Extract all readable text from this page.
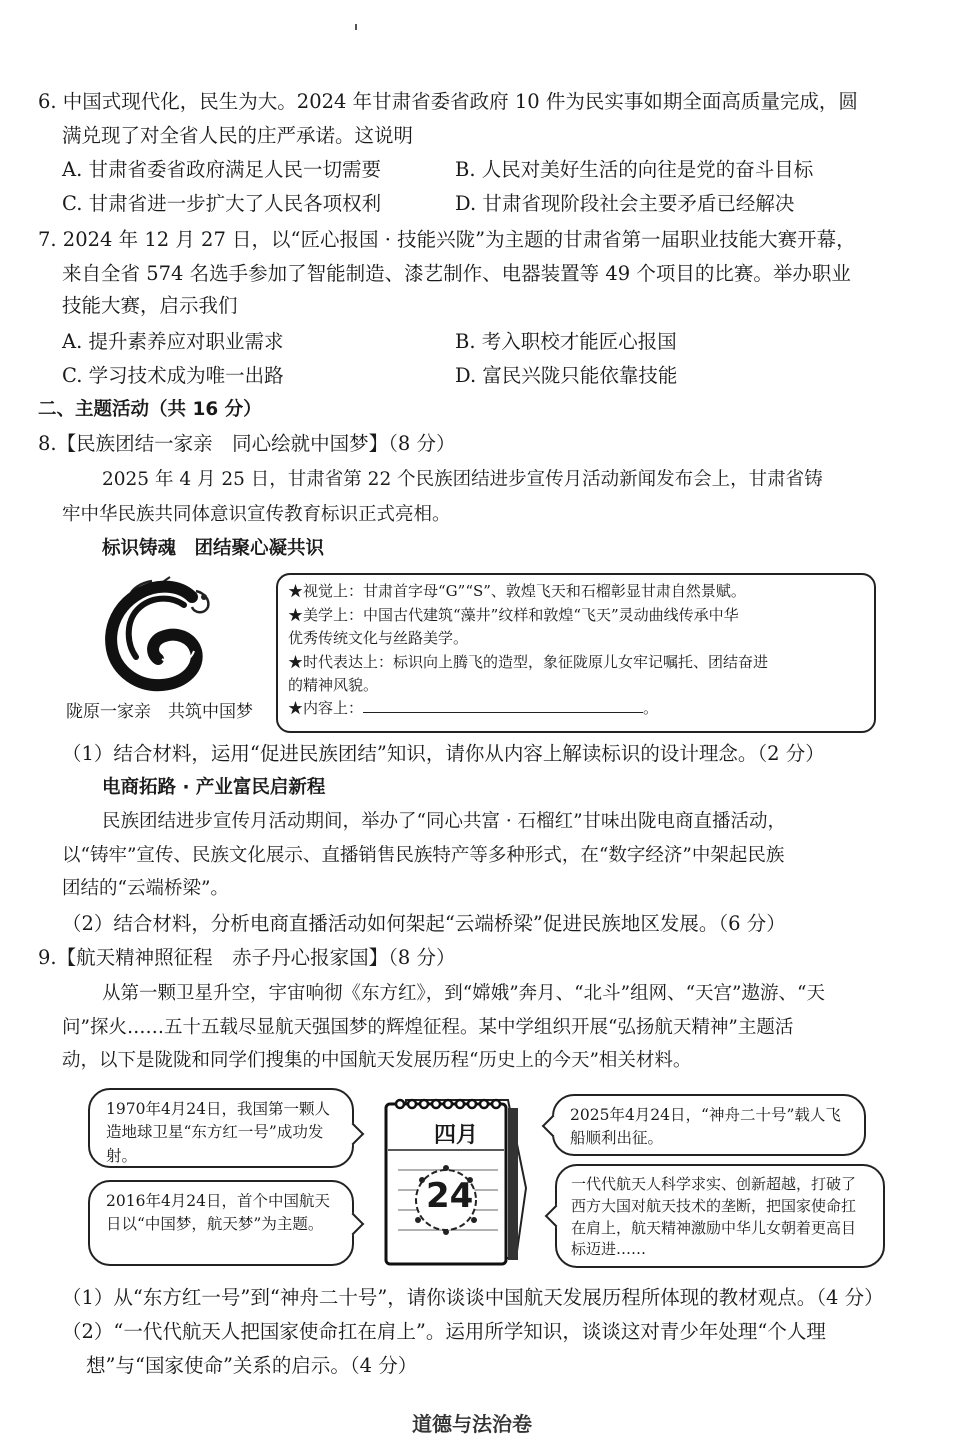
6. 中国式现代化，民生为大。2024 年甘肃省委省政府 10 件为民实事如期全面高质量完成，圆
满兑现了对全省人民的庄严承诺。这说明
A. 甘肃省委省政府满足人民一切需要	B. 人民对美好生活的向往是党的奋斗目标
C. 甘肃省进一步扩大了人民各项权利	D. 甘肃省现阶段社会主要矛盾已经解决
7. 2024 年 12 月 27 日，以“匠心报国 · 技能兴陇”为主题的甘肃省第一届职业技能大赛开幕，
来自全省 574 名选手参加了智能制造、漆艺制作、电器装置等 49 个项目的比赛。举办职业
技能大赛，启示我们
A. 提升素养应对职业需求	B. 考入职校才能匠心报国
C. 学习技术成为唯一出路	D. 富民兴陇只能依靠技能
二、主题活动（共 16 分）
8.【民族团结一家亲　同心绘就中国梦】（8 分）
2025 年 4 月 25 日，甘肃省第 22 个民族团结进步宣传月活动新闻发布会上，甘肃省铸
牢中华民族共同体意识宣传教育标识正式亮相。
标识铸魂　团结聚心凝共识
陇原一家亲　共筑中国梦
★视觉上：甘肃首字母“G”“S”、敦煌飞天和石榴彰显甘肃自然景赋。
★美学上：中国古代建筑“藻井”纹样和敦煌“飞天”灵动曲线传承中华
优秀传统文化与丝路美学。
★时代表达上：标识向上腾飞的造型，象征陇原儿女牢记嘱托、团结奋进
的精神风貌。
★内容上：	。
（1）结合材料，运用“促进民族团结”知识，请你从内容上解读标识的设计理念。（2 分）
电商拓路 · 产业富民启新程
民族团结进步宣传月活动期间，举办了“同心共富 · 石榴红”甘味出陇电商直播活动，
以“铸牢”宣传、民族文化展示、直播销售民族特产等多种形式，在“数字经济”中架起民族
团结的“云端桥梁”。
（2）结合材料，分析电商直播活动如何架起“云端桥梁”促进民族地区发展。（6 分）
9.【航天精神照征程　赤子丹心报家国】（8 分）
从第一颗卫星升空，宇宙响彻《东方红》，到“嫦娥”奔月、“北斗”组网、“天宫”遨游、“天
问”探火……五十五载尽显航天强国梦的辉煌征程。某中学组织开展“弘扬航天精神”主题活
动，以下是陇陇和同学们搜集的中国航天发展历程“历史上的今天”相关材料。
1970年4月24日，我国第一颗人造地球卫星“东方红一号”成功发射。
2016年4月24日，首个中国航天日以“中国梦，航天梦”为主题。
2025年4月24日，“神舟二十号”载人飞船顺利出征。
一代代航天人科学求实、创新超越，打破了西方大国对航天技术的垄断，把国家使命扛在肩上，航天精神激励中华儿女朝着更高目标迈进……
四月
24
（1）从“东方红一号”到“神舟二十号”，请你谈谈中国航天发展历程所体现的教材观点。（4 分）
（2）“一代代航天人把国家使命扛在肩上”。运用所学知识，谈谈这对青少年处理“个人理
想”与“国家使命”关系的启示。（4 分）
道德与法治卷
